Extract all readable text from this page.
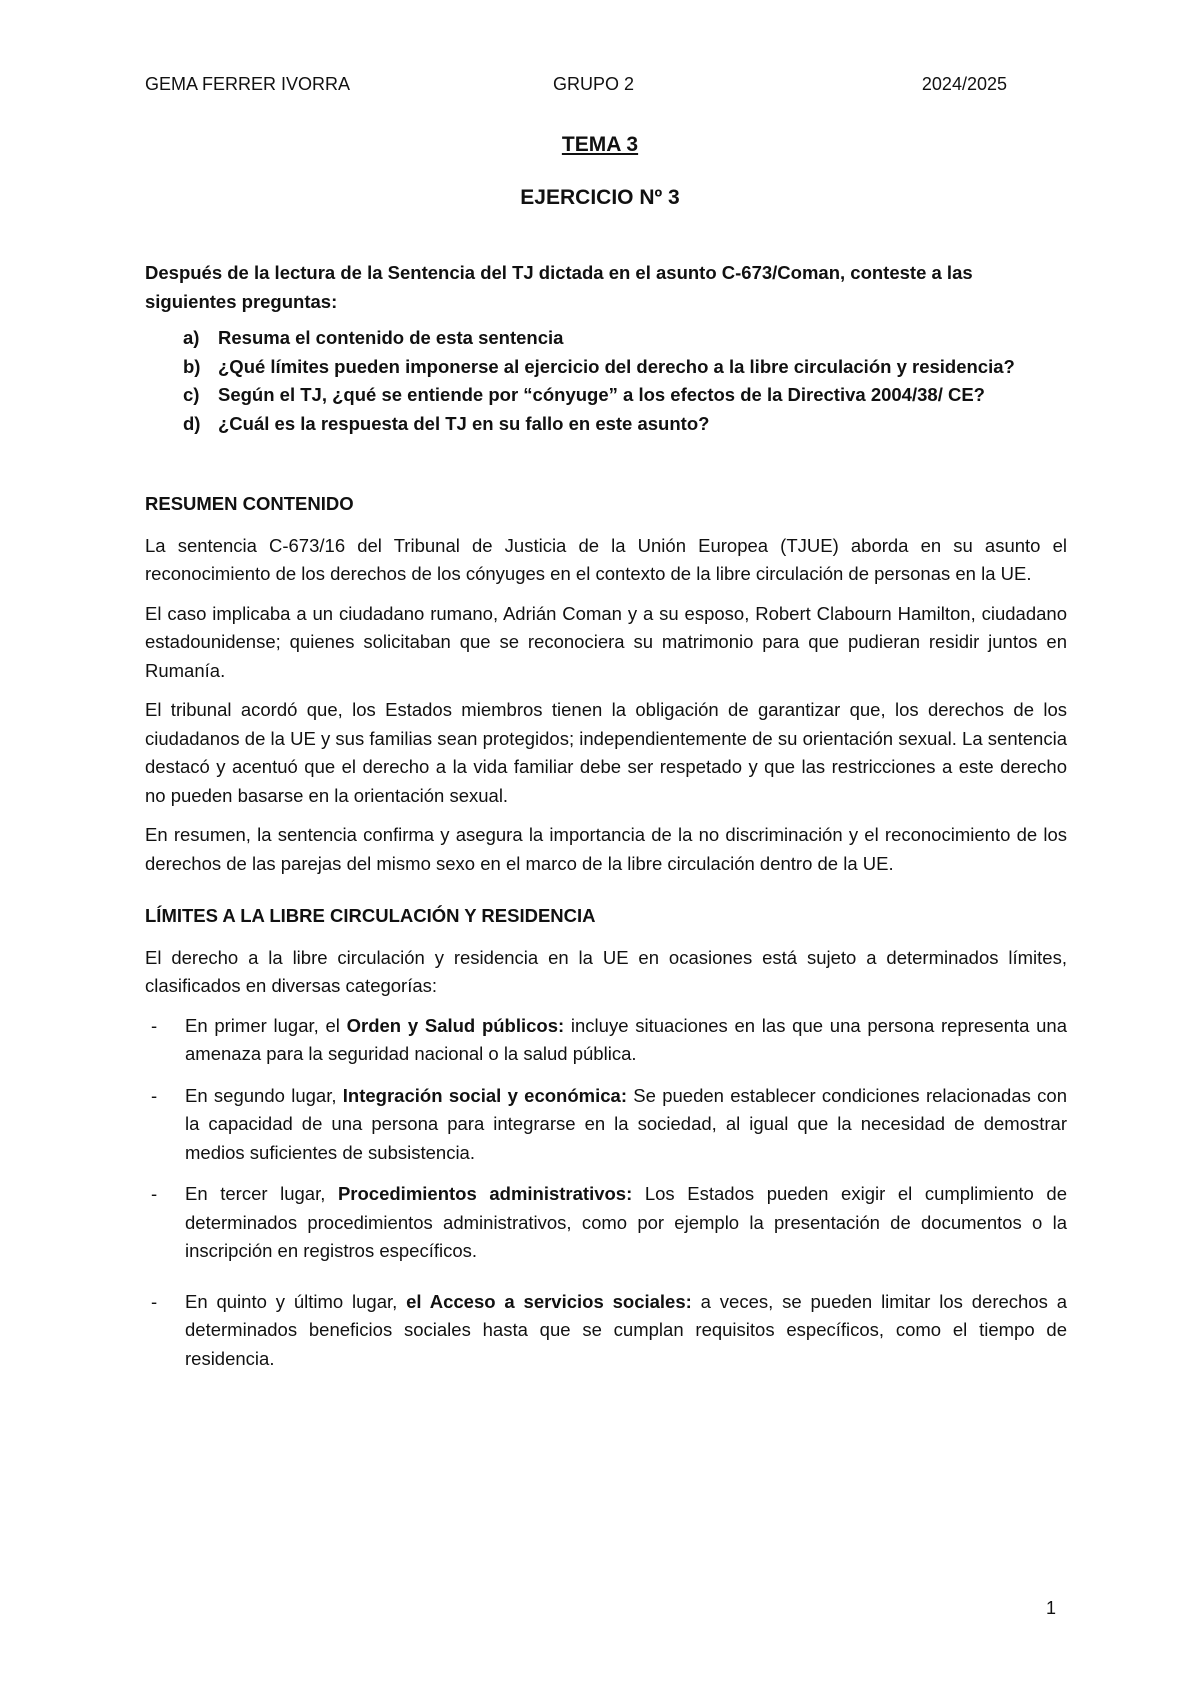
GEMA FERRER IVORRA	GRUPO 2	2024/2025
TEMA 3
EJERCICIO Nº 3

Después de la lectura de la Sentencia del TJ dictada en el asunto C-673/Coman, conteste a las siguientes preguntas:

a) Resuma el contenido de esta sentencia
b) ¿Qué límites pueden imponerse al ejercicio del derecho a la libre circulación y residencia?
c) Según el TJ, ¿qué se entiende por “cónyuge” a los efectos de la Directiva 2004/38/ CE?
d) ¿Cuál es la respuesta del TJ en su fallo en este asunto?
RESUMEN CONTENIDO

La sentencia C-673/16 del Tribunal de Justicia de la Unión Europea (TJUE) aborda en su asunto el reconocimiento de los derechos de los cónyuges en el contexto de la libre circulación de personas en la UE.

El caso implicaba a un ciudadano rumano, Adrián Coman y a su esposo, Robert Clabourn Hamilton, ciudadano estadounidense; quienes solicitaban que se reconociera su matrimonio para que pudieran residir juntos en Rumanía.

El tribunal acordó que, los Estados miembros tienen la obligación de garantizar que, los derechos de los ciudadanos de la UE y sus familias sean protegidos; independientemente de su orientación sexual. La sentencia destacó y acentuó que el derecho a la vida familiar debe ser respetado y que las restricciones a este derecho no pueden basarse en la orientación sexual.

En resumen, la sentencia confirma y asegura la importancia de la no discriminación y el reconocimiento de los derechos de las parejas del mismo sexo en el marco de la libre circulación dentro de la UE.

LÍMITES A LA LIBRE CIRCULACIÓN Y RESIDENCIA

El derecho a la libre circulación y residencia en la UE en ocasiones está sujeto a determinados límites, clasificados en diversas categorías:

- En primer lugar, el Orden y Salud públicos: incluye situaciones en las que una persona representa una amenaza para la seguridad nacional o la salud pública.
- En segundo lugar, Integración social y económica: Se pueden establecer condiciones relacionadas con la capacidad de una persona para integrarse en la sociedad, al igual que la necesidad de demostrar medios suficientes de subsistencia.
- En tercer lugar, Procedimientos administrativos: Los Estados pueden exigir el cumplimiento de determinados procedimientos administrativos, como por ejemplo la presentación de documentos o la inscripción en registros específicos.
- En quinto y último lugar, el Acceso a servicios sociales: a veces, se pueden limitar los derechos a determinados beneficios sociales hasta que se cumplan requisitos específicos, como el tiempo de residencia.
1
